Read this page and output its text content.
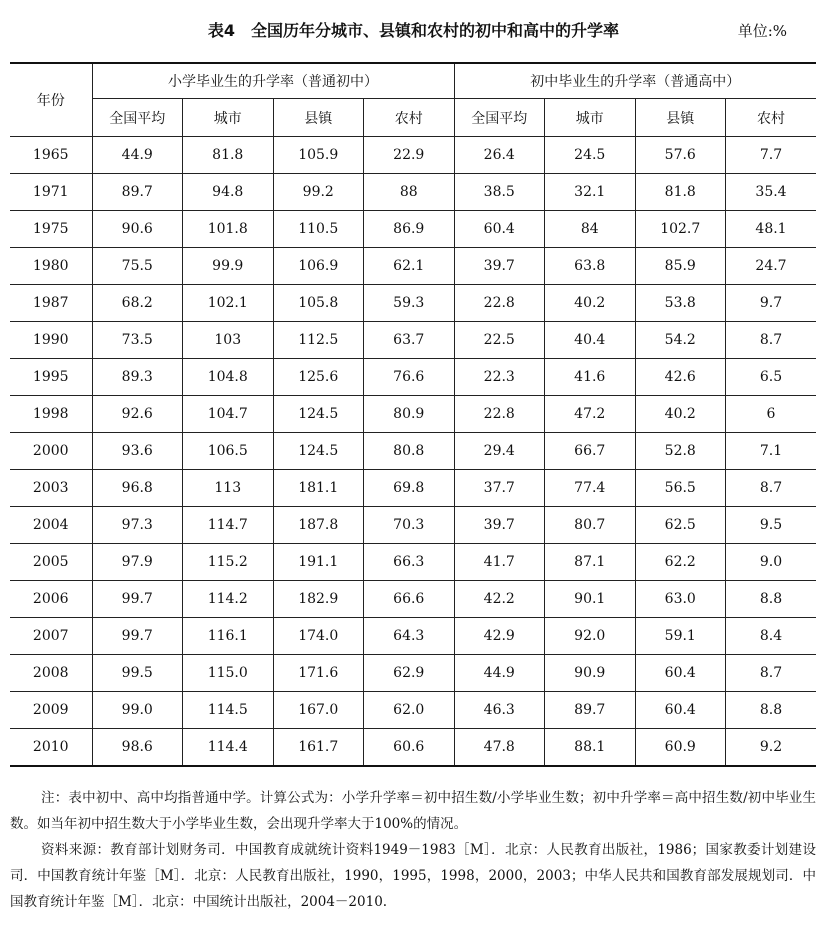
表4　全国历年分城市、县镇和农村的初中和高中的升学率	单位:%
年份	小学毕业生的升学率（普通初中）				初中毕业生的升学率（普通高中）			
	全国平均	城市	县镇	农村	全国平均	城市	县镇	农村
1965	44.9	81.8	105.9	22.9	26.4	24.5	57.6	7.7
1971	89.7	94.8	99.2	88	38.5	32.1	81.8	35.4
1975	90.6	101.8	110.5	86.9	60.4	84	102.7	48.1
1980	75.5	99.9	106.9	62.1	39.7	63.8	85.9	24.7
1987	68.2	102.1	105.8	59.3	22.8	40.2	53.8	9.7
1990	73.5	103	112.5	63.7	22.5	40.4	54.2	8.7
1995	89.3	104.8	125.6	76.6	22.3	41.6	42.6	6.5
1998	92.6	104.7	124.5	80.9	22.8	47.2	40.2	6
2000	93.6	106.5	124.5	80.8	29.4	66.7	52.8	7.1
2003	96.8	113	181.1	69.8	37.7	77.4	56.5	8.7
2004	97.3	114.7	187.8	70.3	39.7	80.7	62.5	9.5
2005	97.9	115.2	191.1	66.3	41.7	87.1	62.2	9.0
2006	99.7	114.2	182.9	66.6	42.2	90.1	63.0	8.8
2007	99.7	116.1	174.0	64.3	42.9	92.0	59.1	8.4
2008	99.5	115.0	171.6	62.9	44.9	90.9	60.4	8.7
2009	99.0	114.5	167.0	62.0	46.3	89.7	60.4	8.8
2010	98.6	114.4	161.7	60.6	47.8	88.1	60.9	9.2

注：表中初中、高中均指普通中学。计算公式为：小学升学率＝初中招生数/小学毕业生数；初中升学率＝高中招生数/初中毕业生数。如当年初中招生数大于小学毕业生数，会出现升学率大于100%的情况。

资料来源：教育部计划财务司．中国教育成就统计资料1949－1983［M］．北京：人民教育出版社，1986；国家教委计划建设司．中国教育统计年鉴［M］．北京：人民教育出版社，1990，1995，1998，2000，2003；中华人民共和国教育部发展规划司．中国教育统计年鉴［M］．北京：中国统计出版社，2004－2010.
